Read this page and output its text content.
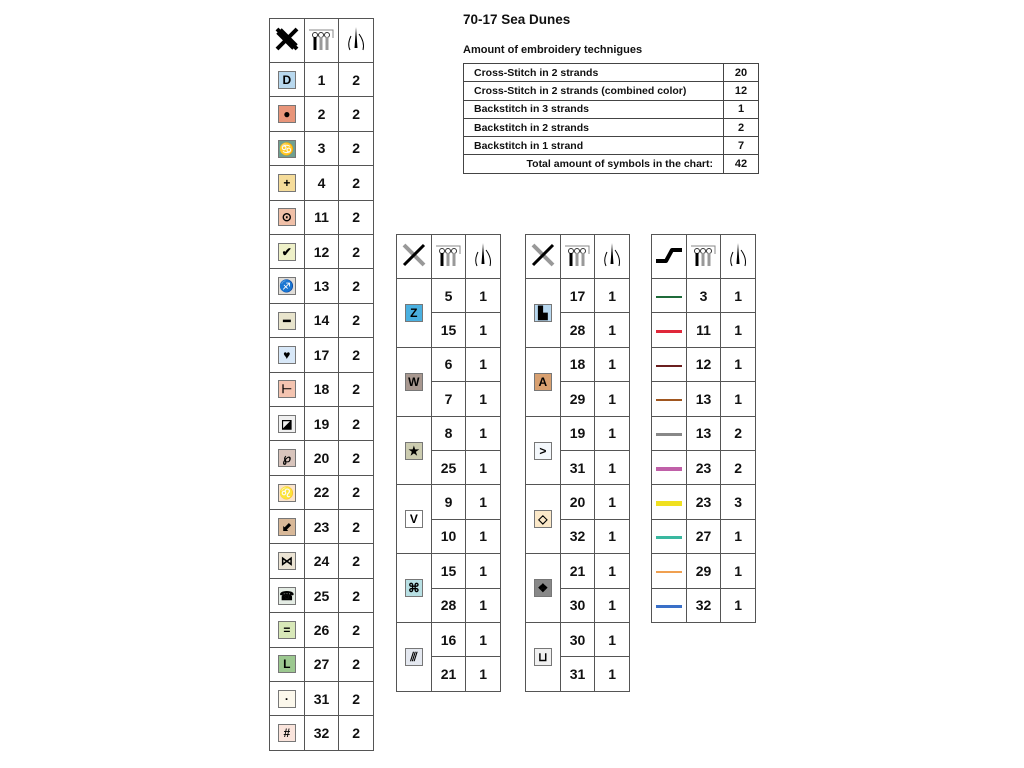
70-17 Sea Dunes
Amount of embroidery technigues
Cross-Stitch in 2 strands	20
Cross-Stitch in 2 strands (combined color)	12
Backstitch in 3 strands	1
Backstitch in 2 strands	2
Backstitch in 1 strand	7
Total amount of symbols in the chart:	42

D	1	2
●	2	2
♋	3	2
+	4	2
⊙	11	2
✔	12	2
♐	13	2
━	14	2
♥	17	2
⊢	18	2
◪	19	2
℘	20	2
♌	22	2
⬋	23	2
⋈	24	2
☎	25	2
=	26	2
L	27	2
·	31	2
#	32	2

Z	5	1
	15	1
W	6	1
	7	1
★	8	1
	25	1
V	9	1
	10	1
⌘	15	1
	28	1
⫻	16	1
	21	1

▙	17	1
	28	1
A	18	1
	29	1
>	19	1
	31	1
◇	20	1
	32	1
❖	21	1
	30	1
⊔	30	1
	31	1

	3	1
	11	1
	12	1
	13	1
	13	2
	23	2
	23	3
	27	1
	29	1
	32	1
